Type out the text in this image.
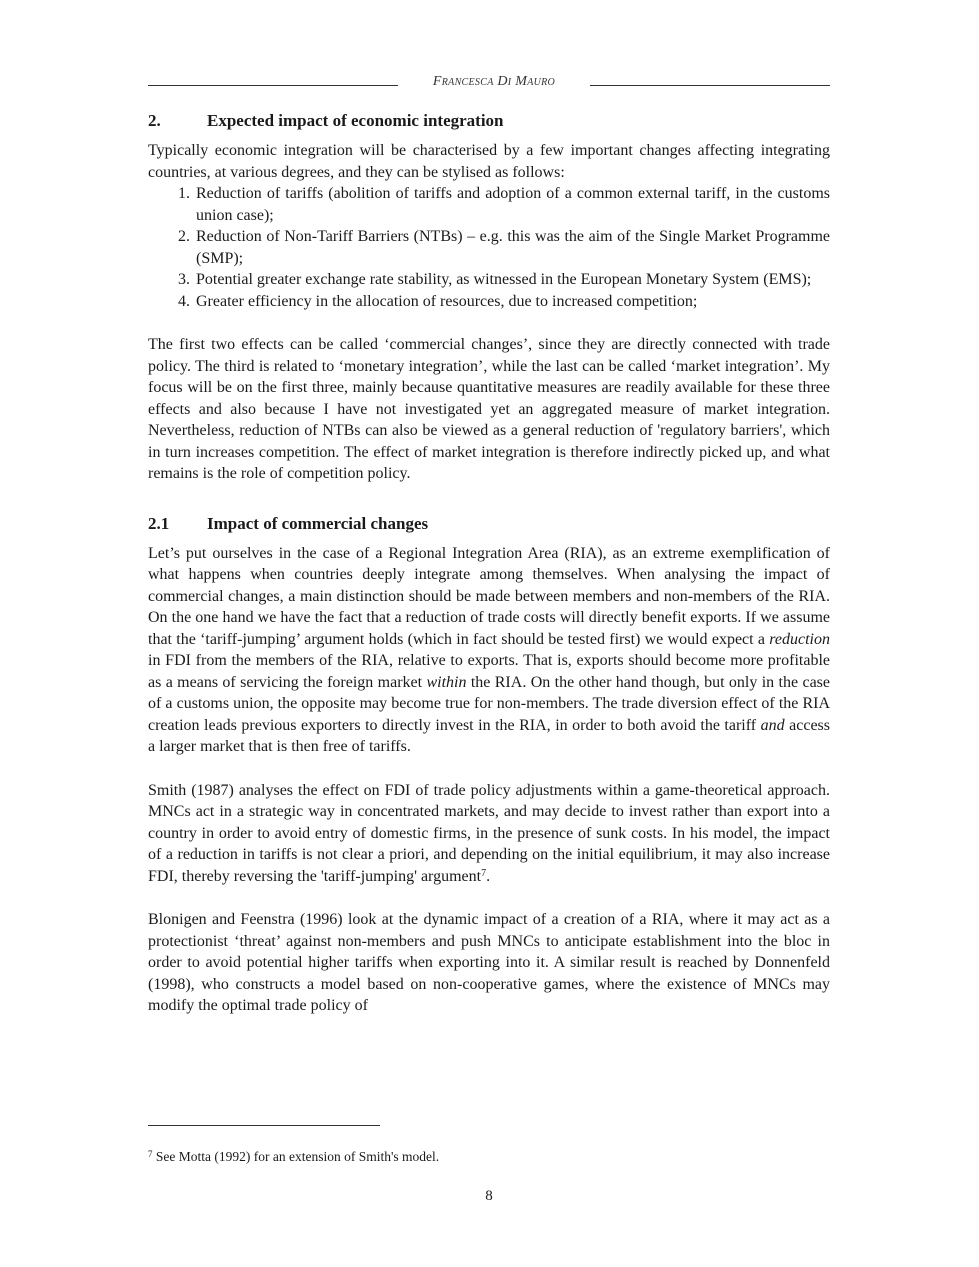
Francesca Di Mauro
2.	Expected impact of economic integration

Typically economic integration will be characterised by a few important changes affecting integrating countries, at various degrees, and they can be stylised as follows:

1. Reduction of tariffs (abolition of tariffs and adoption of a common external tariff, in the customs union case);
2. Reduction of Non-Tariff Barriers (NTBs) – e.g. this was the aim of the Single Market Programme (SMP);
3. Potential greater exchange rate stability, as witnessed in the European Monetary System (EMS);
4. Greater efficiency in the allocation of resources, due to increased competition;

The first two effects can be called ‘commercial changes’, since they are directly connected with trade policy. The third is related to ‘monetary integration’, while the last can be called ‘market integration’. My focus will be on the first three, mainly because quantitative measures are readily available for these three effects and also because I have not investigated yet an aggregated measure of market integration. Nevertheless, reduction of NTBs can also be viewed as a general reduction of 'regulatory barriers', which in turn increases competition. The effect of market integration is therefore indirectly picked up, and what remains is the role of competition policy.

2.1 Impact of commercial changes

Let’s put ourselves in the case of a Regional Integration Area (RIA), as an extreme exemplification of what happens when countries deeply integrate among themselves. When analysing the impact of commercial changes, a main distinction should be made between members and non-members of the RIA. On the one hand we have the fact that a reduction of trade costs will directly benefit exports. If we assume that the ‘tariff-jumping’ argument holds (which in fact should be tested first) we would expect a reduction in FDI from the members of the RIA, relative to exports. That is, exports should become more profitable as a means of servicing the foreign market within the RIA. On the other hand though, but only in the case of a customs union, the opposite may become true for non-members. The trade diversion effect of the RIA creation leads previous exporters to directly invest in the RIA, in order to both avoid the tariff and access a larger market that is then free of tariffs.

Smith (1987) analyses the effect on FDI of trade policy adjustments within a game-theoretical approach. MNCs act in a strategic way in concentrated markets, and may decide to invest rather than export into a country in order to avoid entry of domestic firms, in the presence of sunk costs. In his model, the impact of a reduction in tariffs is not clear a priori, and depending on the initial equilibrium, it may also increase FDI, thereby reversing the 'tariff-jumping' argument$^7$.

Blonigen and Feenstra (1996) look at the dynamic impact of a creation of a RIA, where it may act as a protectionist ‘threat’ against non-members and push MNCs to anticipate establishment into the bloc in order to avoid potential higher tariffs when exporting into it. A similar result is reached by Donnenfeld (1998), who constructs a model based on non-cooperative games, where the existence of MNCs may modify the optimal trade policy of

$^7$ See Motta (1992) for an extension of Smith's model.
8
